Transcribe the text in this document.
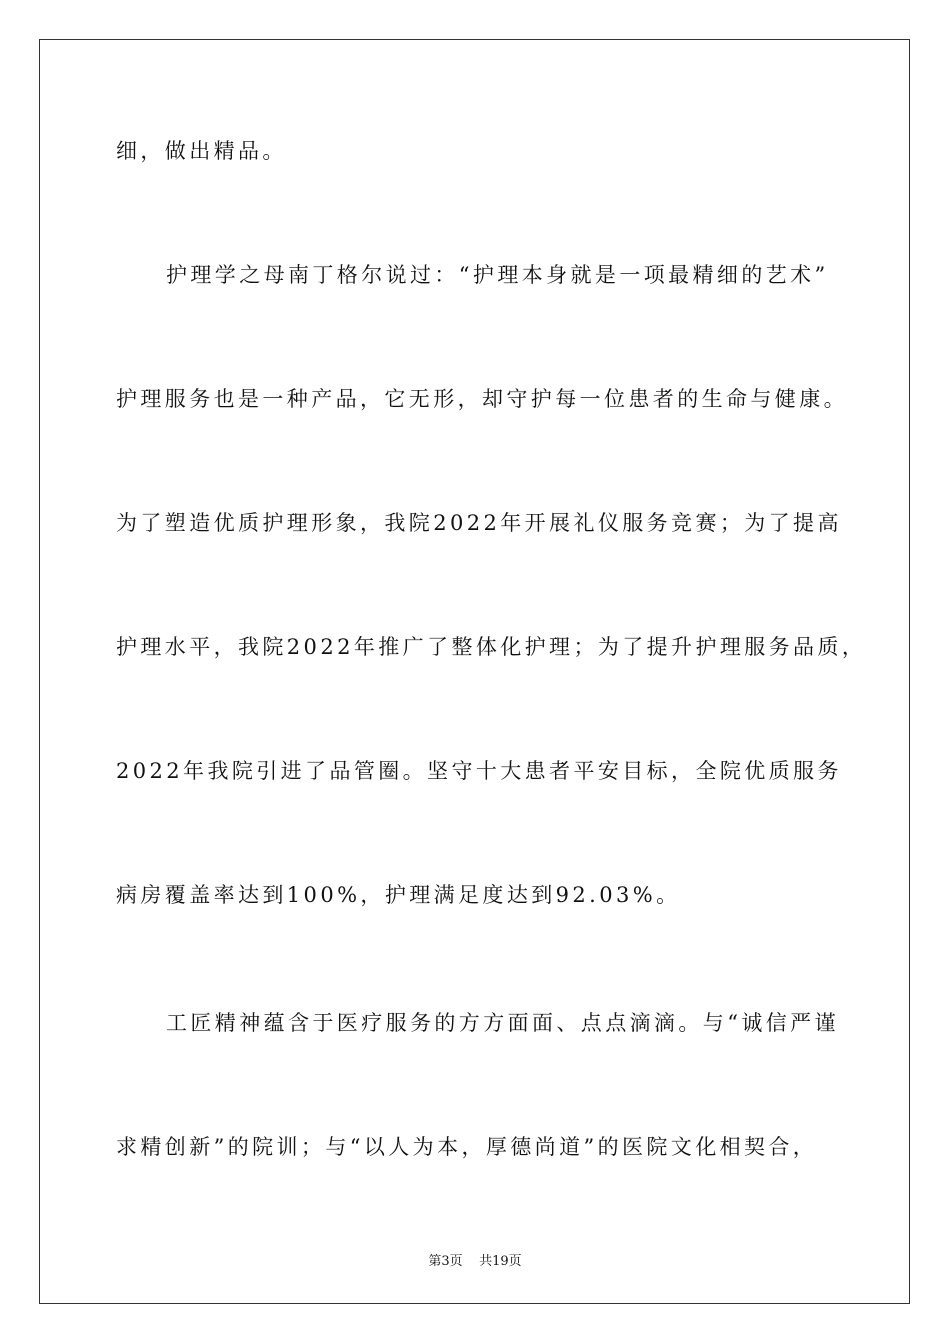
细，做出精品。
护理学之母南丁格尔说过：“护理本身就是一项最精细的艺术”
护理服务也是一种产品，它无形，却守护每一位患者的生命与健康。
为了塑造优质护理形象，我院2022年开展礼仪服务竞赛；为了提高
护理水平，我院2022年推广了整体化护理；为了提升护理服务品质，
2022年我院引进了品管圈。坚守十大患者平安目标，全院优质服务
病房覆盖率达到100%，护理满足度达到92.03%。
工匠精神蕴含于医疗服务的方方面面、点点滴滴。与“诚信严谨
求精创新”的院训；与“以人为本，厚德尚道”的医院文化相契合，
第3页    共19页
